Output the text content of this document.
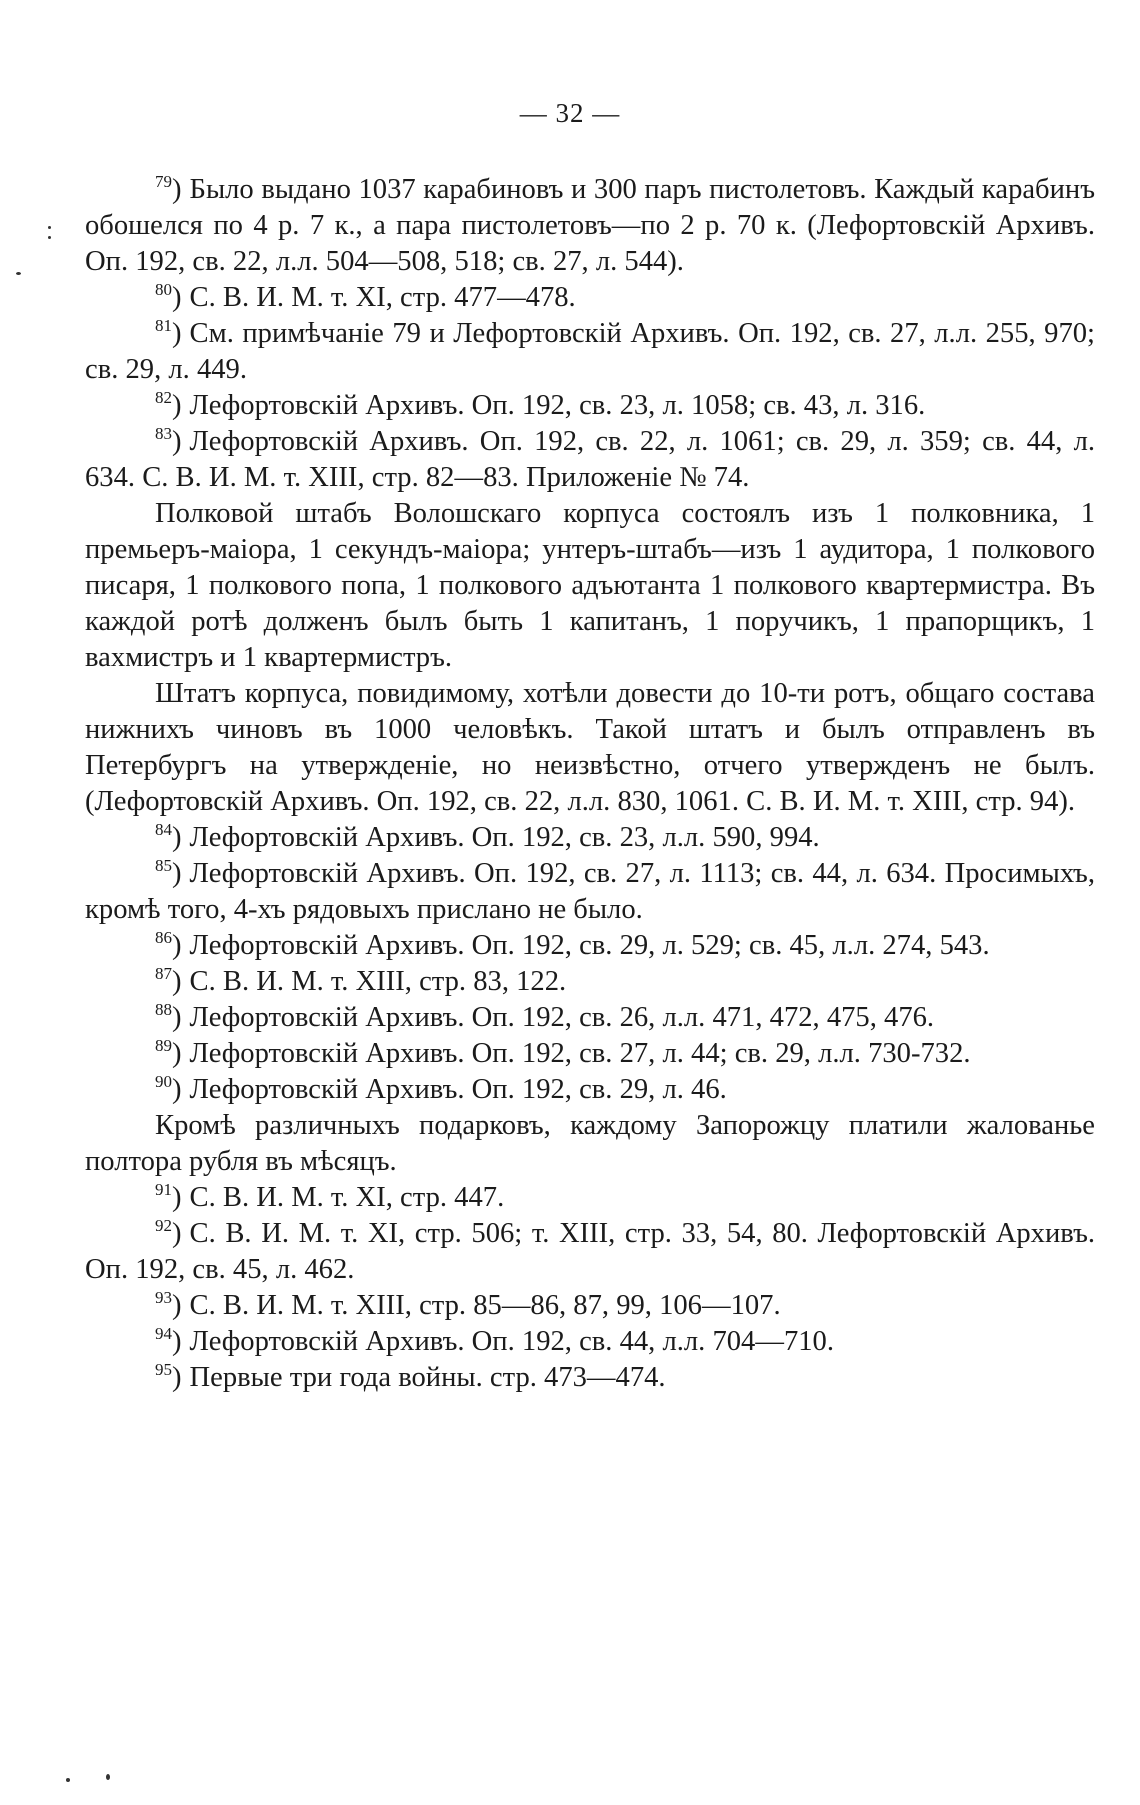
— 32 —

$^{79}$) Было выдано 1037 карабиновъ и 300 паръ пистолетовъ. Каждый карабинъ обошелся по 4 р. 7 к., а пара пистолетовъ—по 2 р. 70 к. (Лефортовскій Архивъ. Оп. 192, св. 22, л.л. 504—508, 518; св. 27, л. 544).

$^{80}$) С. В. И. М. т. XI, стр. 477—478.

$^{81}$) См. примѣчаніе 79 и Лефортовскій Архивъ. Оп. 192, св. 27, л.л. 255, 970; св. 29, л. 449.

$^{82}$) Лефортовскій Архивъ. Оп. 192, св. 23, л. 1058; св. 43, л. 316.

$^{83}$) Лефортовскій Архивъ. Оп. 192, св. 22, л. 1061; св. 29, л. 359; св. 44, л. 634. С. В. И. М. т. XIII, стр. 82—83. Приложеніе № 74.

Полковой штабъ Волошскаго корпуса состоялъ изъ 1 полковника, 1 премьеръ-маіора, 1 секундъ-маіора; унтеръ-штабъ—изъ 1 аудитора, 1 полкового писаря, 1 полкового попа, 1 полкового адъютанта 1 полкового квартермистра. Въ каждой ротѣ долженъ былъ быть 1 капитанъ, 1 поручикъ, 1 прапорщикъ, 1 вахмистръ и 1 квартермистръ.

Штатъ корпуса, повидимому, хотѣли довести до 10-ти ротъ, общаго состава нижнихъ чиновъ въ 1000 человѣкъ. Такой штатъ и былъ отправленъ въ Петербургъ на утвержденіе, но неизвѣстно, отчего утвержденъ не былъ. (Лефортовскій Архивъ. Оп. 192, св. 22, л.л. 830, 1061. С. В. И. М. т. XIII, стр. 94).

$^{84}$) Лефортовскій Архивъ. Оп. 192, св. 23, л.л. 590, 994.

$^{85}$) Лефортовскій Архивъ. Оп. 192, св. 27, л. 1113; св. 44, л. 634. Просимыхъ, кромѣ того, 4-хъ рядовыхъ прислано не было.

$^{86}$) Лефортовскій Архивъ. Оп. 192, св. 29, л. 529; св. 45, л.л. 274, 543.

$^{87}$) С. В. И. М. т. XIII, стр. 83, 122.

$^{88}$) Лефортовскій Архивъ. Оп. 192, св. 26, л.л. 471, 472, 475, 476.

$^{89}$) Лефортовскій Архивъ. Оп. 192, св. 27, л. 44; св. 29, л.л. 730-732.

$^{90}$) Лефортовскій Архивъ. Оп. 192, св. 29, л. 46.

Кромѣ различныхъ подарковъ, каждому Запорожцу платили жалованье полтора рубля въ мѣсяцъ.

$^{91}$) С. В. И. М. т. XI, стр. 447.

$^{92}$) С. В. И. М. т. XI, стр. 506; т. XIII, стр. 33, 54, 80. Лефортовскій Архивъ. Оп. 192, св. 45, л. 462.

$^{93}$) С. В. И. М. т. XIII, стр. 85—86, 87, 99, 106—107.

$^{94}$) Лефортовскій Архивъ. Оп. 192, св. 44, л.л. 704—710.

$^{95}$) Первые три года войны. стр. 473—474.
